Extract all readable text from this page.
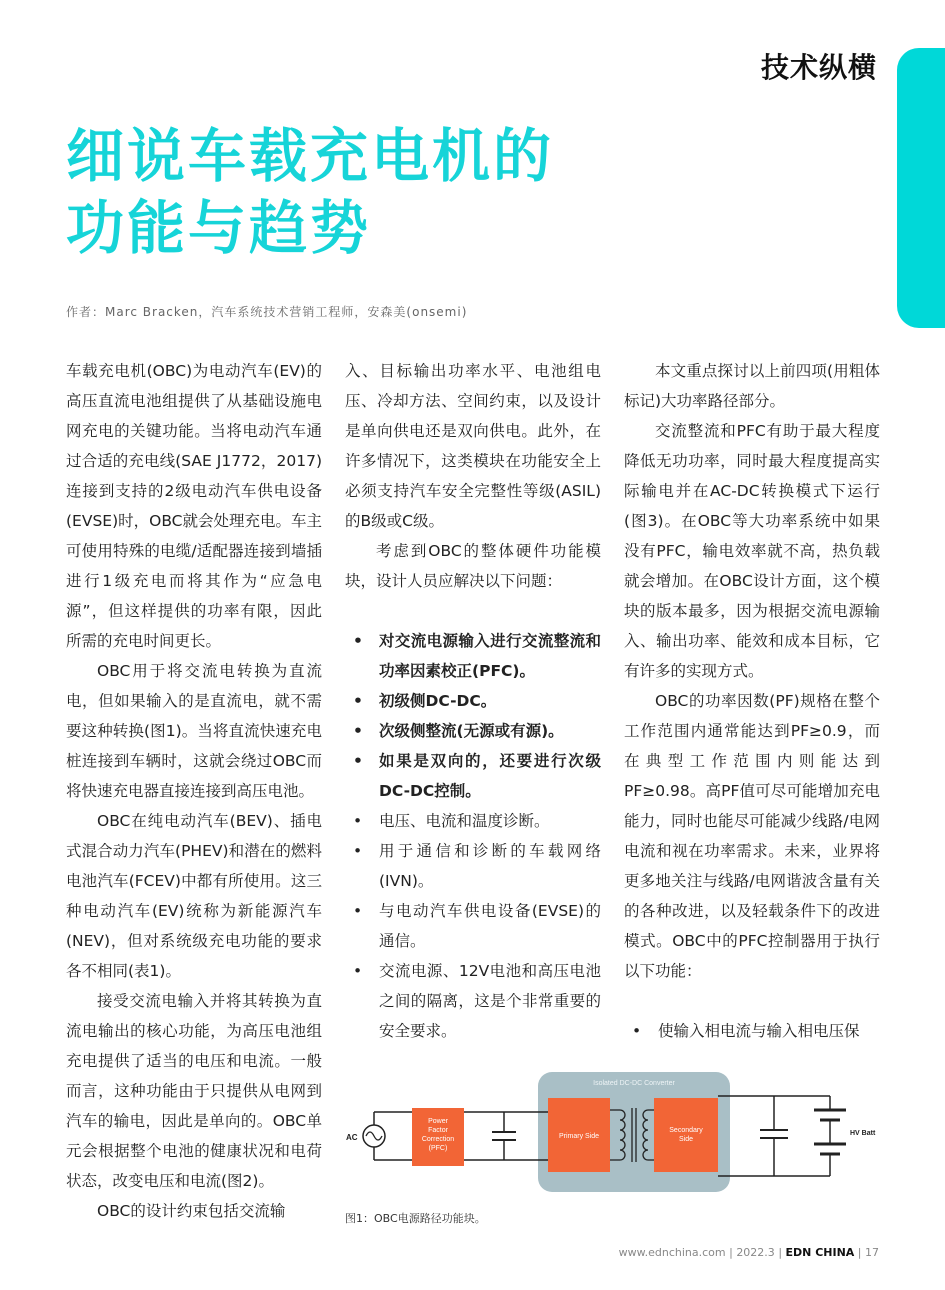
技术纵横
细说车载充电机的
功能与趋势
作者：Marc Bracken，汽车系统技术营销工程师，安森美(onsemi)

车载充电机(OBC)为电动汽车(EV)的高压直流电池组提供了从基础设施电网充电的关键功能。当将电动汽车通过合适的充电线(SAE J1772，2017)连接到支持的2级电动汽车供电设备(EVSE)时，OBC就会处理充电。车主可使用特殊的电缆/适配器连接到墙插进行1级充电而将其作为“应急电源”，但这样提供的功率有限，因此所需的充电时间更长。

OBC用于将交流电转换为直流电，但如果输入的是直流电，就不需要这种转换(图1)。当将直流快速充电桩连接到车辆时，这就会绕过OBC而将快速充电器直接连接到高压电池。

OBC在纯电动汽车(BEV)、插电式混合动力汽车(PHEV)和潜在的燃料电池汽车(FCEV)中都有所使用。这三种电动汽车(EV)统称为新能源汽车(NEV)，但对系统级充电功能的要求各不相同(表1)。

接受交流电输入并将其转换为直流电输出的核心功能，为高压电池组充电提供了适当的电压和电流。一般而言，这种功能由于只提供从电网到汽车的输电，因此是单向的。OBC单元会根据整个电池的健康状况和电荷状态，改变电压和电流(图2)。

OBC的设计约束包括交流输

入、目标输出功率水平、电池组电压、冷却方法、空间约束，以及设计是单向供电还是双向供电。此外，在许多情况下，这类模块在功能安全上必须支持汽车安全完整性等级(ASIL)的B级或C级。

考虑到OBC的整体硬件功能模块，设计人员应解决以下问题：

• 对交流电源输入进行交流整流和功率因素校正(PFC)。
• 初级侧DC-DC。
• 次级侧整流(无源或有源)。
• 如果是双向的，还要进行次级DC-DC控制。
• 电压、电流和温度诊断。
• 用于通信和诊断的车载网络(IVN)。
• 与电动汽车供电设备(EVSE)的通信。
• 交流电源、12V电池和高压电池之间的隔离，这是个非常重要的安全要求。

本文重点探讨以上前四项(用粗体标记)大功率路径部分。

交流整流和PFC有助于最大程度降低无功功率，同时最大程度提高实际输电并在AC-DC转换模式下运行(图3)。在OBC等大功率系统中如果没有PFC，输电效率就不高，热负载就会增加。在OBC设计方面，这个模块的版本最多，因为根据交流电源输入、输出功率、能效和成本目标，它有许多的实现方式。

OBC的功率因数(PF)规格在整个工作范围内通常能达到PF≥0.9，而在典型工作范围内则能达到PF≥0.98。高PF值可尽可能增加充电能力，同时也能尽可能减少线路/电网电流和视在功率需求。未来，业界将更多地关注与线路/电网谐波含量有关的各种改进，以及轻载条件下的改进模式。OBC中的PFC控制器用于执行以下功能：

• 使输入相电流与输入相电压保
Isolated DC-DC Converter
AC
Power
Factor
Correction
(PFC)
Primary Side
Secondary
Side
HV Batt
图1：OBC电源路径功能块。
www.ednchina.com | 2022.3 | EDN CHINA | 17
